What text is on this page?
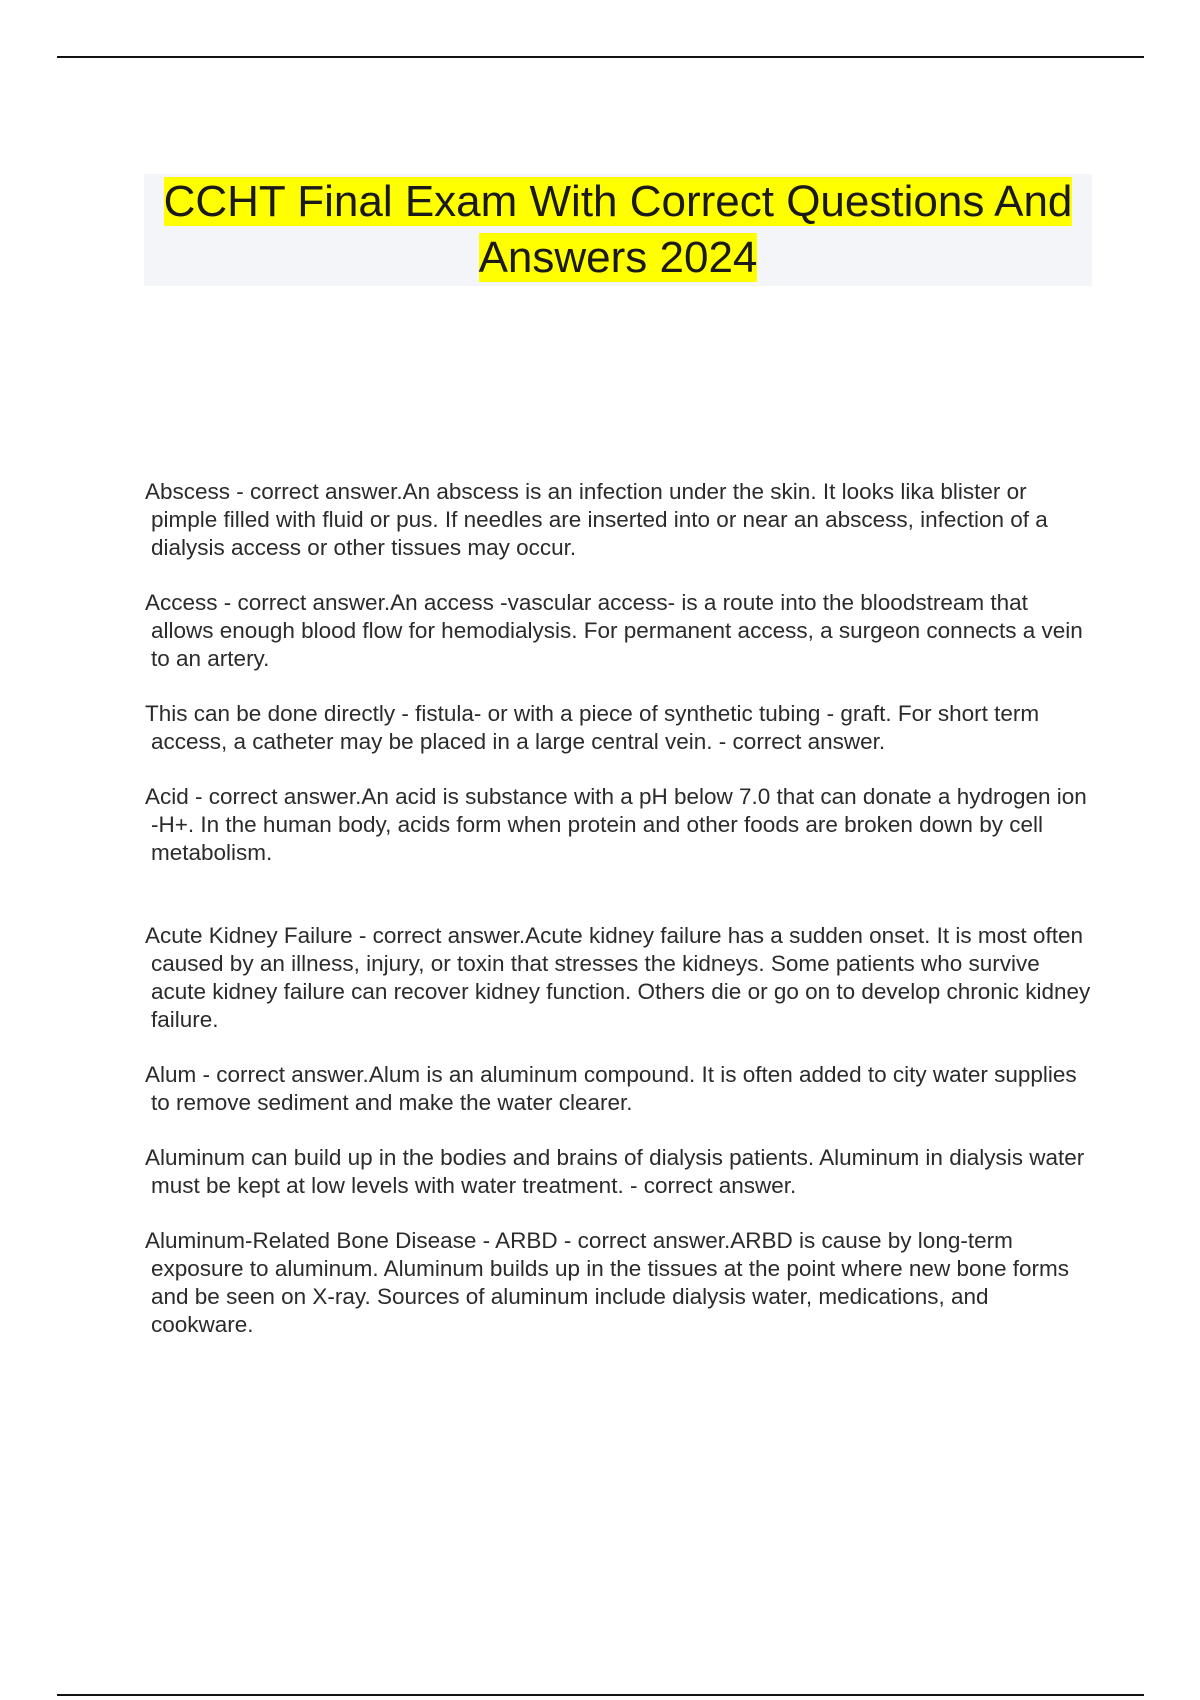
CCHT Final Exam With Correct Questions And Answers 2024

Abscess - correct answer.An abscess is an infection under the skin. It looks lika blister or pimple filled with fluid or pus. If needles are inserted into or near an abscess, infection of a dialysis access or other tissues may occur.

Access - correct answer.An access -vascular access- is a route into the bloodstream that allows enough blood flow for hemodialysis. For permanent access, a surgeon connects a vein to an artery.

This can be done directly - fistula- or with a piece of synthetic tubing - graft. For short term access, a catheter may be placed in a large central vein. - correct answer.

Acid - correct answer.An acid is substance with a pH below 7.0 that can donate a hydrogen ion -H+. In the human body, acids form when protein and other foods are broken down by cell metabolism.

Acute Kidney Failure - correct answer.Acute kidney failure has a sudden onset. It is most often caused by an illness, injury, or toxin that stresses the kidneys. Some patients who survive acute kidney failure can recover kidney function. Others die or go on to develop chronic kidney failure.

Alum - correct answer.Alum is an aluminum compound. It is often added to city water supplies to remove sediment and make the water clearer.

Aluminum can build up in the bodies and brains of dialysis patients. Aluminum in dialysis water must be kept at low levels with water treatment. - correct answer.

Aluminum-Related Bone Disease - ARBD - correct answer.ARBD is cause by long-term exposure to aluminum. Aluminum builds up in the tissues at the point where new bone forms and be seen on X-ray. Sources of aluminum include dialysis water, medications, and cookware.
